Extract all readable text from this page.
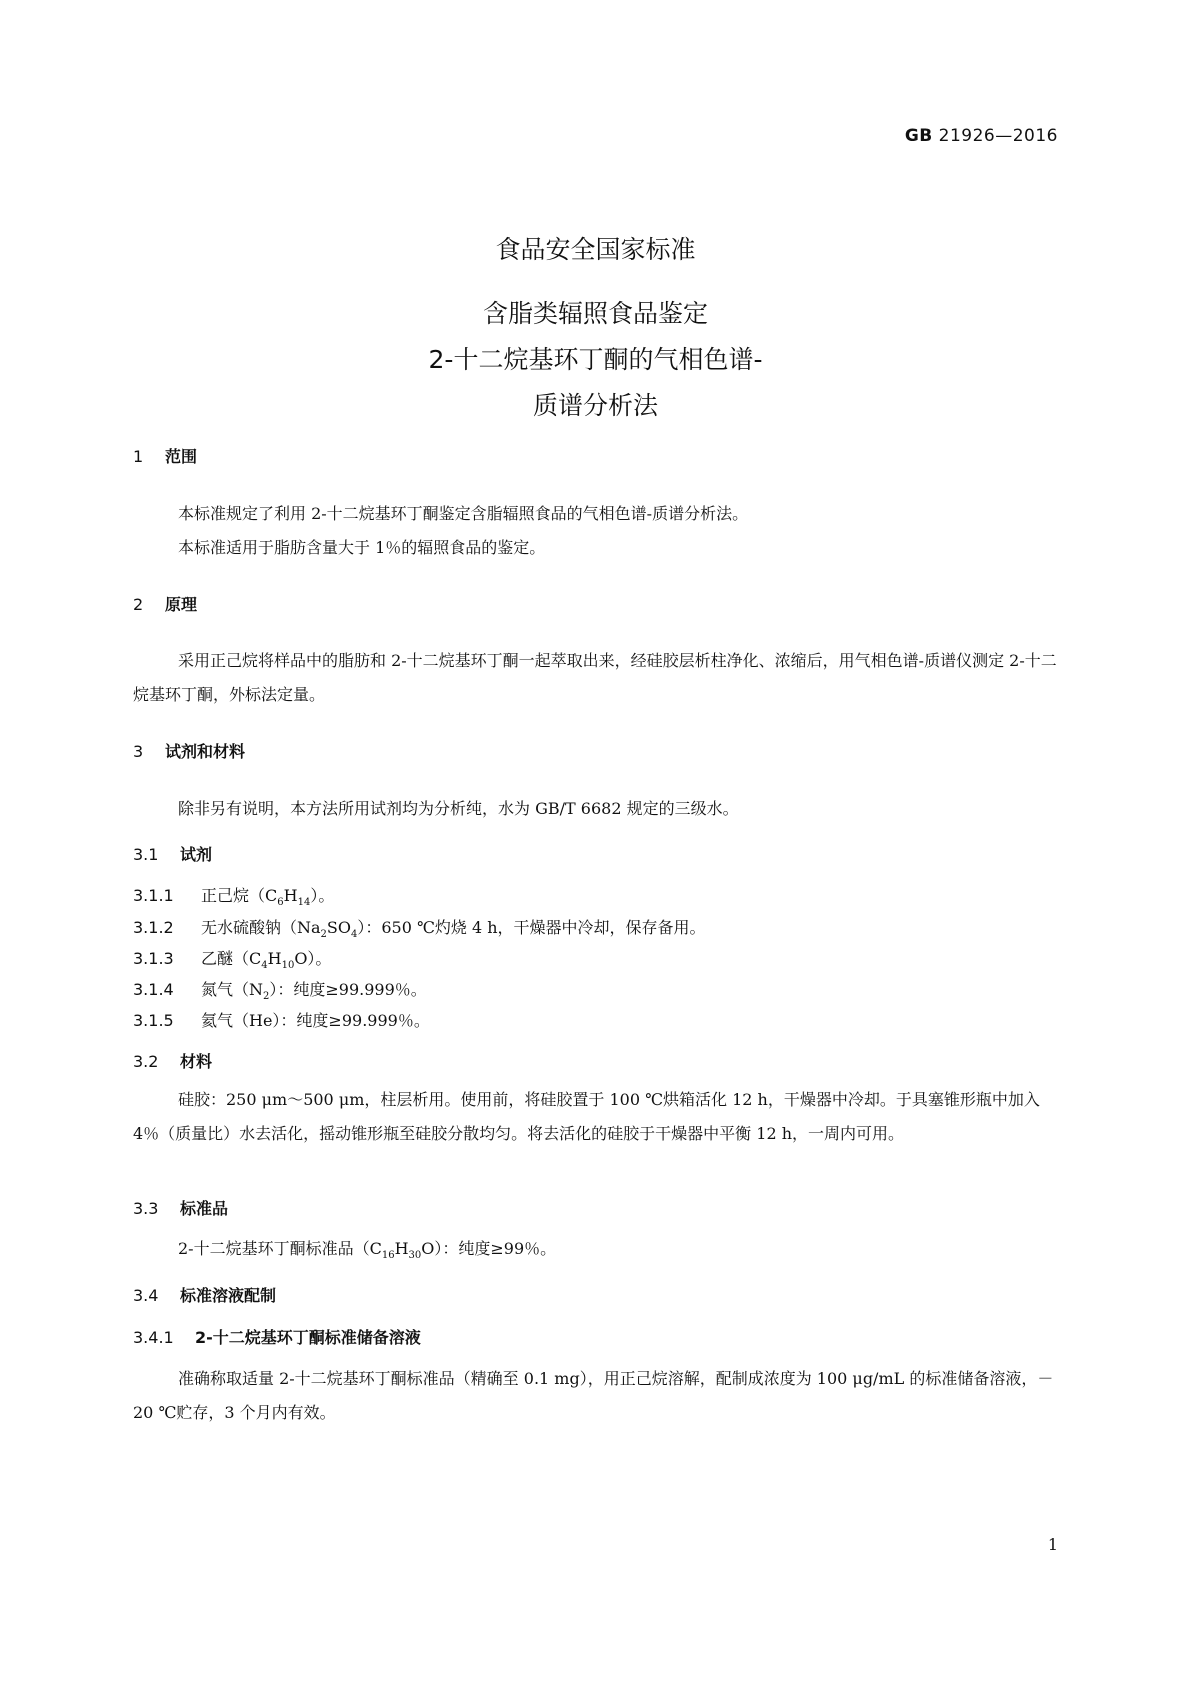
GB 21926—2016
食品安全国家标准
含脂类辐照食品鉴定
2-十二烷基环丁酮的气相色谱-
质谱分析法
1 范围
本标准规定了利用 2-十二烷基环丁酮鉴定含脂辐照食品的气相色谱-质谱分析法。
本标准适用于脂肪含量大于 1％的辐照食品的鉴定。
2 原理
采用正己烷将样品中的脂肪和 2-十二烷基环丁酮一起萃取出来，经硅胶层析柱净化、浓缩后，用气相色谱-质谱仪测定 2-十二烷基环丁酮，外标法定量。
3 试剂和材料
除非另有说明，本方法所用试剂均为分析纯，水为 GB/T 6682 规定的三级水。
3.1 试剂
3.1.1 正己烷$(C_6H_{14})$。
3.1.2 无水硫酸钠$(Na_2SO_4)$：650 ℃灼烧 4 h，干燥器中冷却，保存备用。
3.1.3 乙醚$(C_4H_{10}O)$。
3.1.4 氮气$(N_2)$：纯度≥99.999％。
3.1.5 氦气（He）：纯度≥99.999％。
3.2 材料
硅胶：250 μm～500 μm，柱层析用。使用前，将硅胶置于 100 ℃烘箱活化 12 h，干燥器中冷却。于具塞锥形瓶中加入 4％（质量比）水去活化，摇动锥形瓶至硅胶分散均匀。将去活化的硅胶于干燥器中平衡 12 h，一周内可用。
3.3 标准品
2-十二烷基环丁酮标准品$(C_{16}H_{30}O)$：纯度≥99％。
3.4 标准溶液配制
3.4.1 2-十二烷基环丁酮标准储备溶液
准确称取适量 2-十二烷基环丁酮标准品（精确至 0.1 mg），用正己烷溶解，配制成浓度为 100 μg/mL 的标准储备溶液，－20 ℃贮存，3 个月内有效。
1
